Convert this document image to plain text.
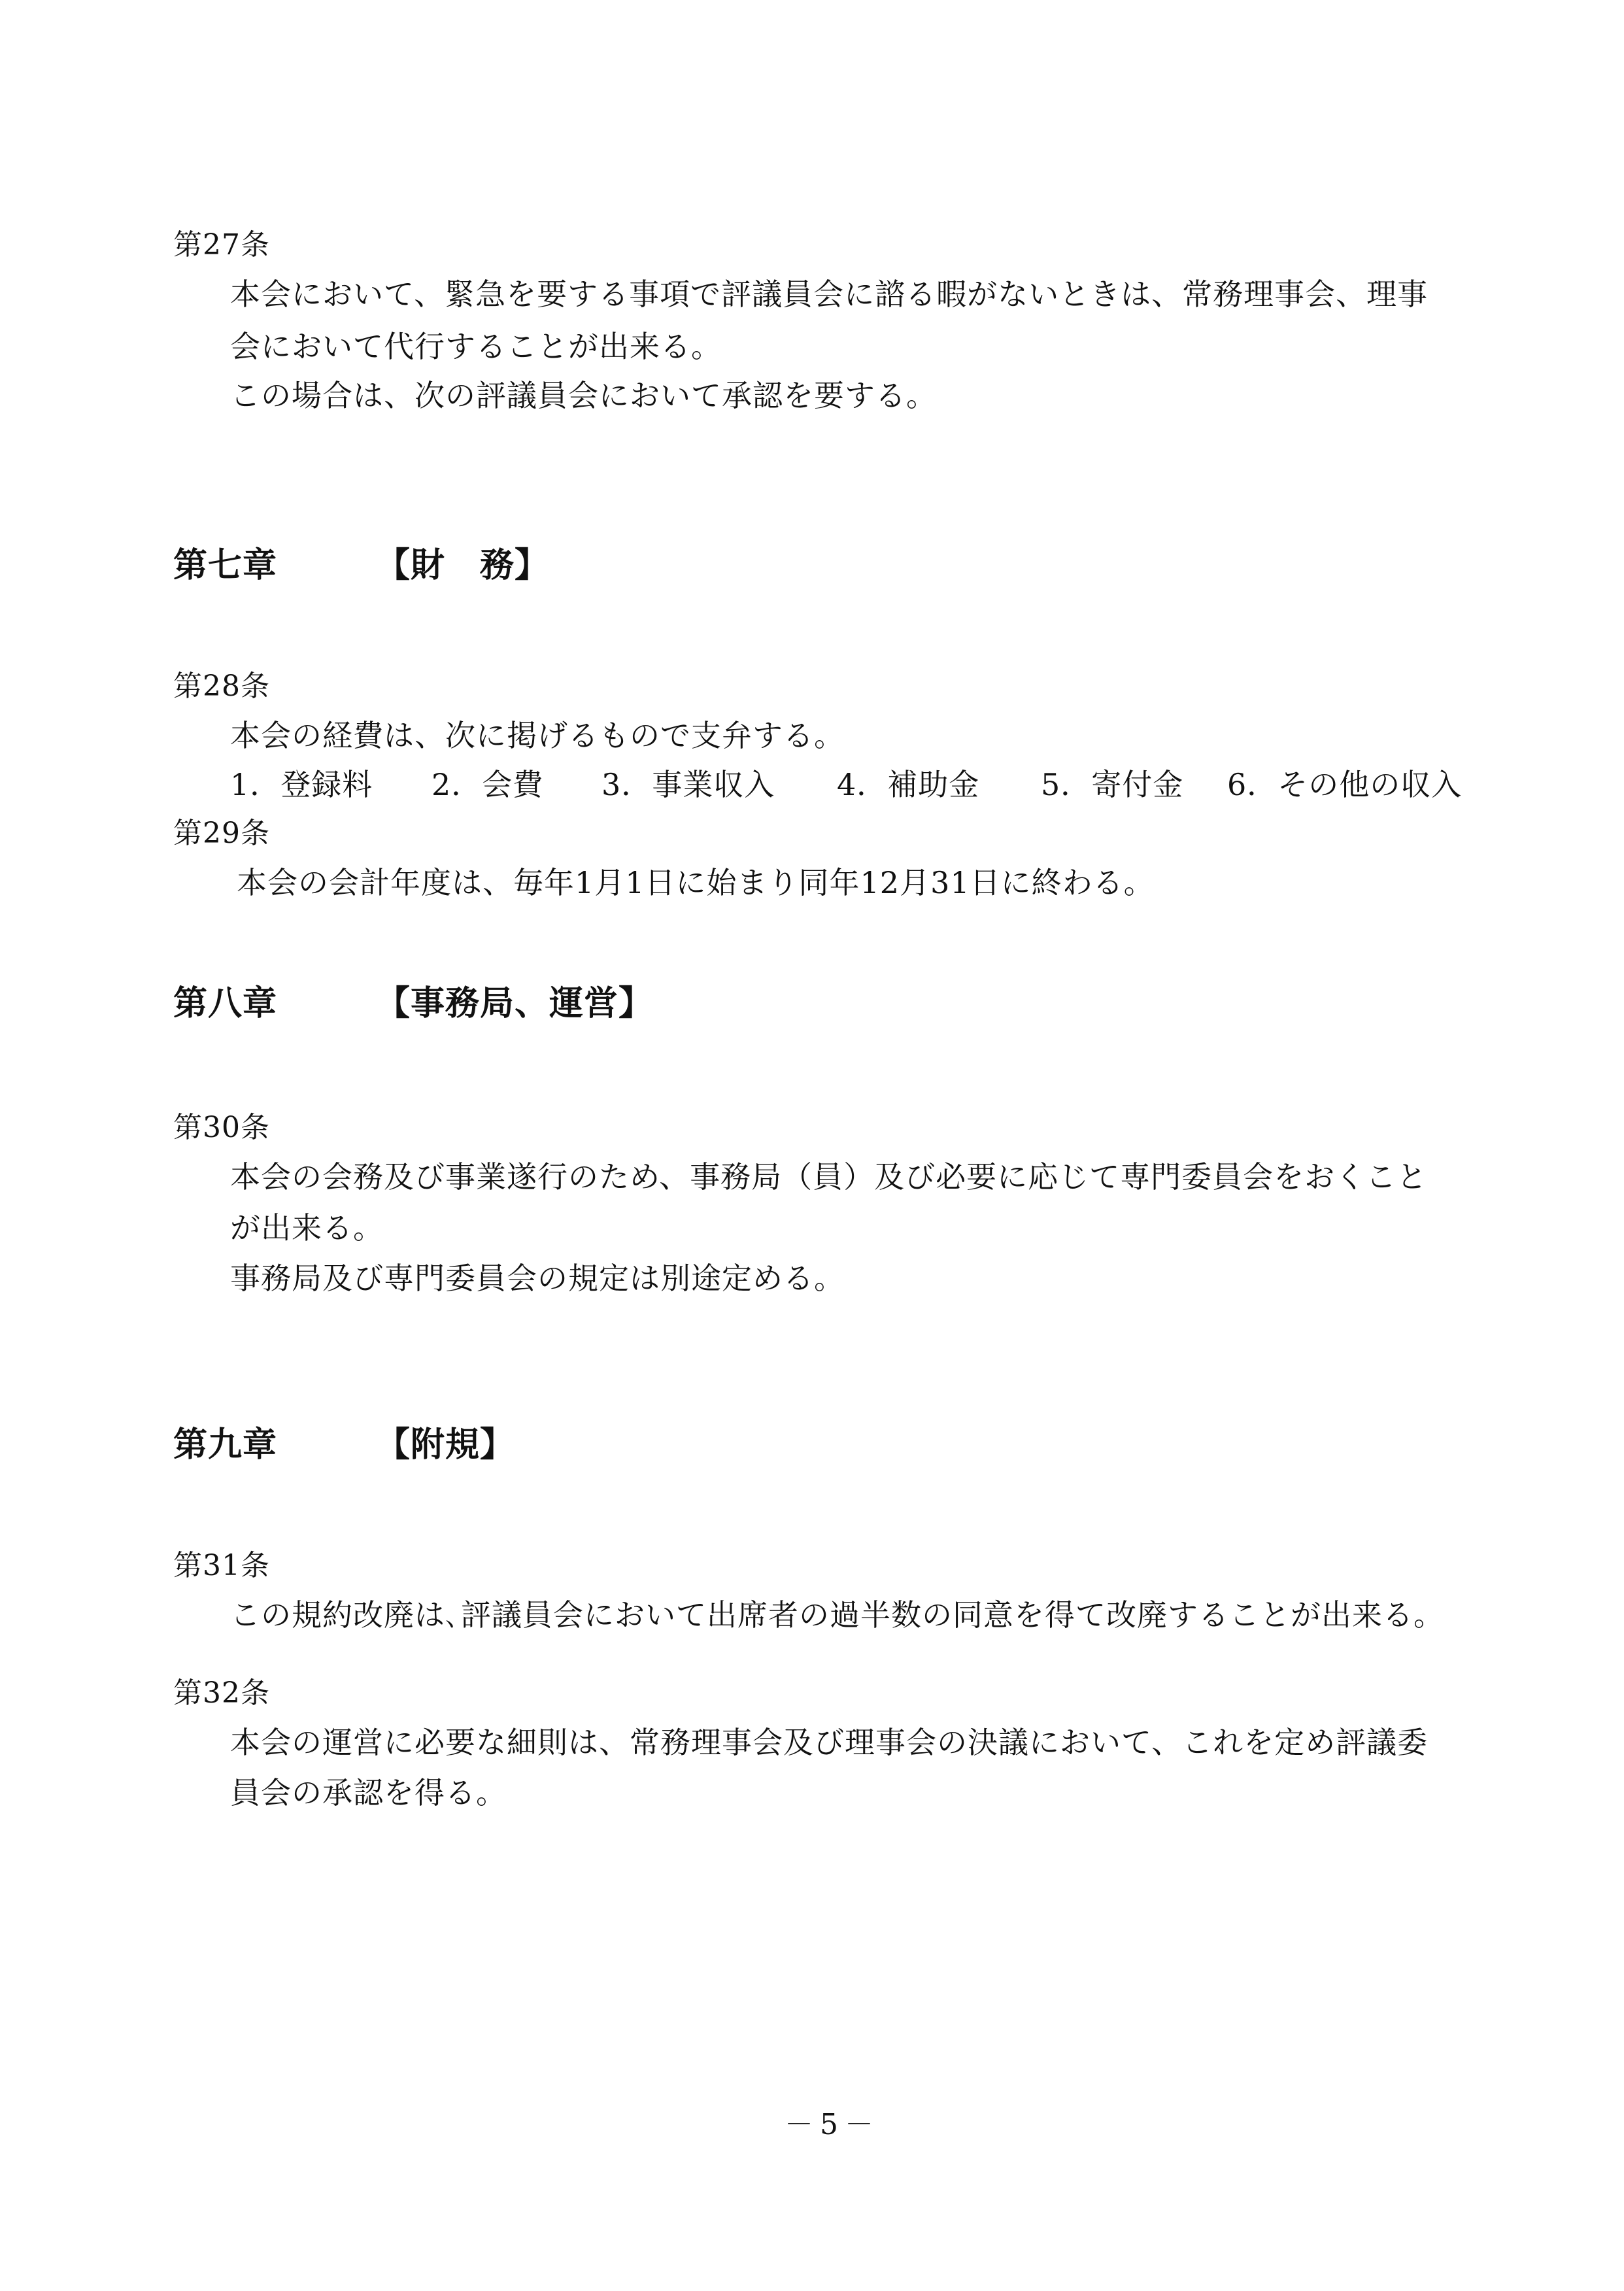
第27条
本会において、緊急を要する事項で評議員会に諮る暇がないときは、常務理事会、理事
会において代行することが出来る。
この場合は、次の評議員会において承認を要する。
第七章	【財　務】
第28条
本会の経費は、次に掲げるもので支弁する。
1．登録料 2．会費 3．事業収入 4．補助金 5．寄付金 6．その他の収入
第29条
本会の会計年度は、毎年1月1日に始まり同年12月31日に終わる。
第八章	【事務局、運営】
第30条
本会の会務及び事業遂行のため、事務局（員）及び必要に応じて専門委員会をおくこと
が出来る。
事務局及び専門委員会の規定は別途定める。
第九章	【附規】
第31条
この規約改廃は､評議員会において出席者の過半数の同意を得て改廃することが出来る。
第32条
本会の運営に必要な細則は、常務理事会及び理事会の決議において、これを定め評議委
員会の承認を得る。
－5－
